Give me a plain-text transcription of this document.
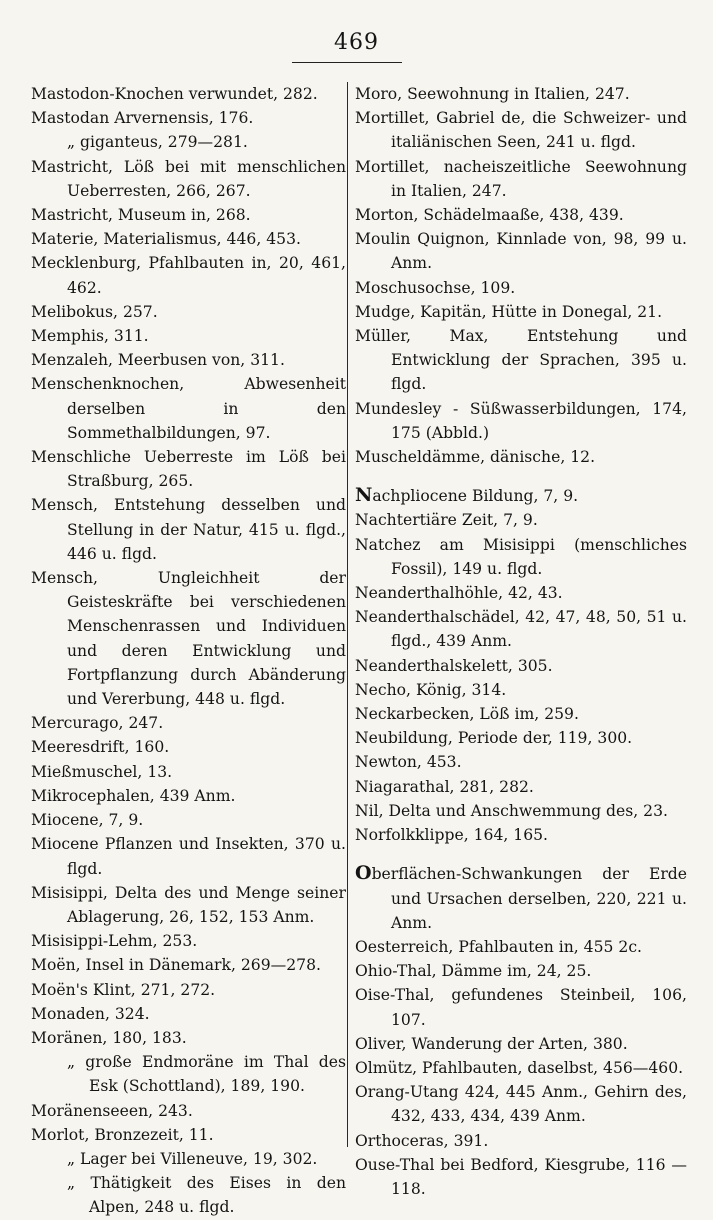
469

Mastodon-Knochen verwundet, 282.

Mastodan Arvernensis, 176.

„ giganteus, 279—281.

Mastricht, Löß bei mit menschlichen Ueberresten, 266, 267.

Mastricht, Museum in, 268.

Materie, Materialismus, 446, 453.

Mecklenburg, Pfahlbauten in, 20, 461, 462.

Melibokus, 257.

Memphis, 311.

Menzaleh, Meerbusen von, 311.

Menschenknochen, Abwesenheit derselben in den Sommethalbildungen, 97.

Menschliche Ueberreste im Löß bei Straßburg, 265.

Mensch, Entstehung desselben und Stellung in der Natur, 415 u. flgd., 446 u. flgd.

Mensch, Ungleichheit der Geisteskräfte bei verschiedenen Menschenrassen und Individuen und deren Entwicklung und Fortpflanzung durch Abänderung und Vererbung, 448 u. flgd.

Mercurago, 247.

Meeresdrift, 160.

Mießmuschel, 13.

Mikrocephalen, 439 Anm.

Miocene, 7, 9.

Miocene Pflanzen und Insekten, 370 u. flgd.

Misisippi, Delta des und Menge seiner Ablagerung, 26, 152, 153 Anm.

Misisippi-Lehm, 253.

Moën, Insel in Dänemark, 269—278.

Moën's Klint, 271, 272.

Monaden, 324.

Moränen, 180, 183.

„ große Endmoräne im Thal des Esk (Schottland), 189, 190.

Moränenseeen, 243.

Morlot, Bronzezeit, 11.

„ Lager bei Villeneuve, 19, 302.

„ Thätigkeit des Eises in den Alpen, 248 u. flgd.

Moro, Seewohnung in Italien, 247.

Mortillet, Gabriel de, die Schweizer- und italiänischen Seen, 241 u. flgd.

Mortillet, nacheiszeitliche Seewohnung in Italien, 247.

Morton, Schädelmaaße, 438, 439.

Moulin Quignon, Kinnlade von, 98, 99 u. Anm.

Moschusochse, 109.

Mudge, Kapitän, Hütte in Donegal, 21.

Müller, Max, Entstehung und Entwicklung der Sprachen, 395 u. flgd.

Mundesley - Süßwasserbildungen, 174, 175 (Abbld.)

Muscheldämme, dänische, 12.

Nachpliocene Bildung, 7, 9.

Nachtertiäre Zeit, 7, 9.

Natchez am Misisippi (menschliches Fossil), 149 u. flgd.

Neanderthalhöhle, 42, 43.

Neanderthalschädel, 42, 47, 48, 50, 51 u. flgd., 439 Anm.

Neanderthalskelett, 305.

Necho, König, 314.

Neckarbecken, Löß im, 259.

Neubildung, Periode der, 119, 300.

Newton, 453.

Niagarathal, 281, 282.

Nil, Delta und Anschwemmung des, 23.

Norfolkklippe, 164, 165.

Oberflächen-Schwankungen der Erde und Ursachen derselben, 220, 221 u. Anm.

Oesterreich, Pfahlbauten in, 455 2c.

Ohio-Thal, Dämme im, 24, 25.

Oise-Thal, gefundenes Steinbeil, 106, 107.

Oliver, Wanderung der Arten, 380.

Olmütz, Pfahlbauten, daselbst, 456—460.

Orang-Utang 424, 445 Anm., Gehirn des, 432, 433, 434, 439 Anm.

Orthoceras, 391.

Ouse-Thal bei Bedford, Kiesgrube, 116 —118.
